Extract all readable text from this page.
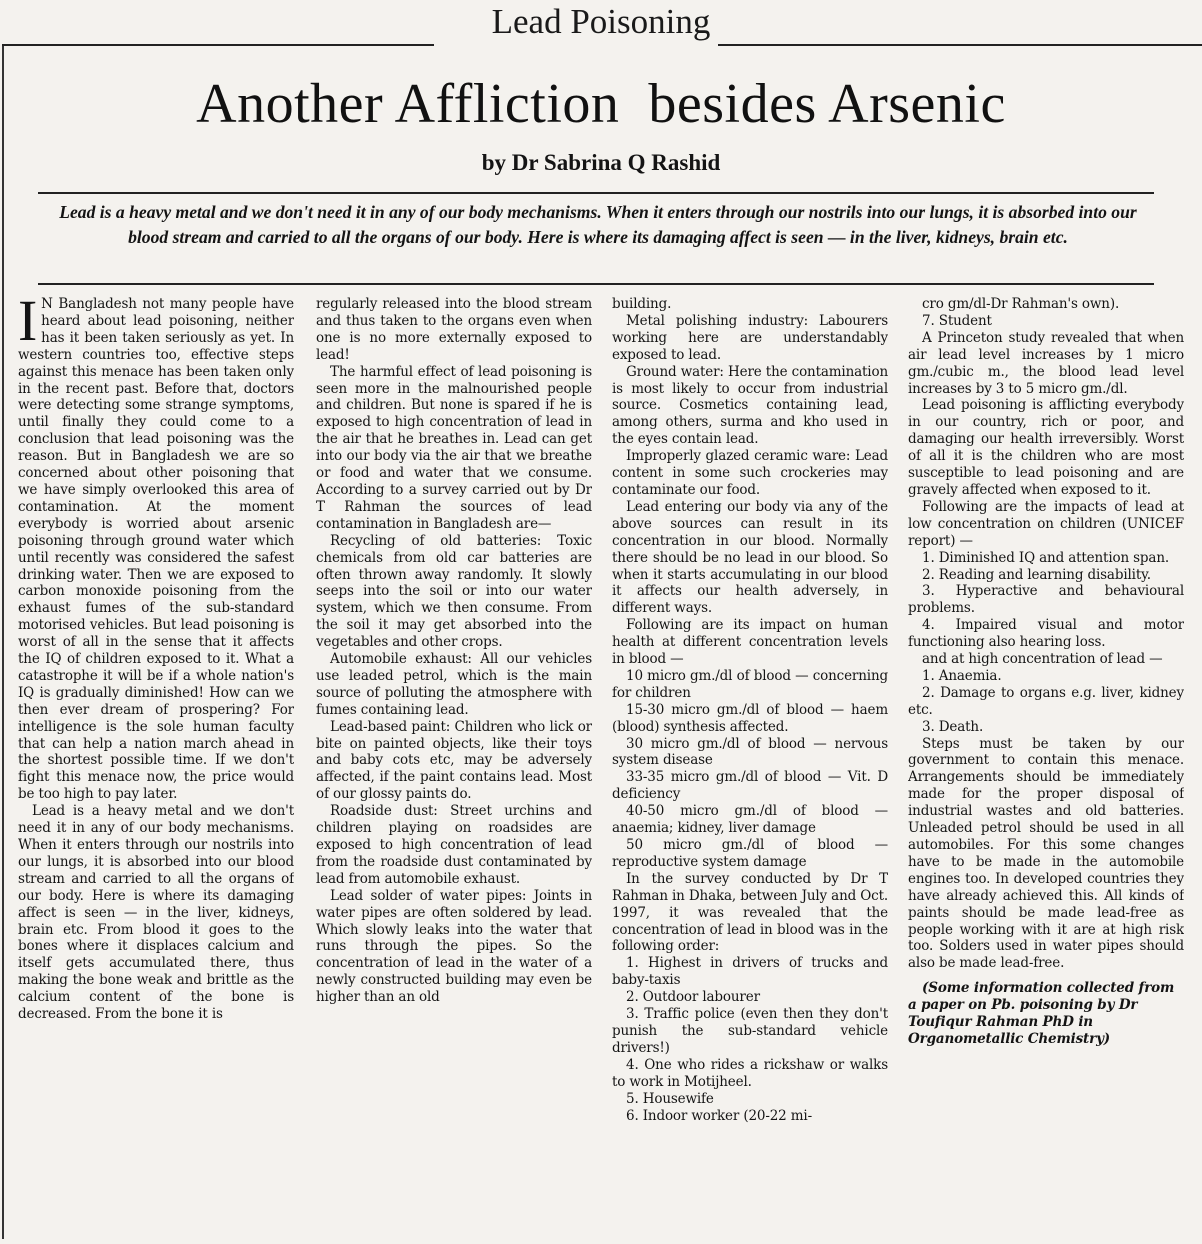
Lead Poisoning
Another Affliction  besides Arsenic
by Dr Sabrina Q Rashid
Lead is a heavy metal and we don't need it in any of our body mechanisms. When it enters through our nostrils into our lungs, it is absorbed into our blood stream and carried to all the organs of our body. Here is where its damaging affect is seen — in the liver, kidneys, brain etc.

I N Bangladesh not many people have heard about lead poisoning, neither has it been taken seriously as yet. In western countries too, effective steps against this menace has been taken only in the recent past. Before that, doctors were detecting some strange symptoms, until finally they could come to a conclusion that lead poisoning was the reason. But in Bangladesh we are so concerned about other poisoning that we have simply overlooked this area of contamination. At the moment everybody is worried about arsenic poisoning through ground water which until recently was considered the safest drinking water. Then we are exposed to carbon monoxide poisoning from the exhaust fumes of the sub-standard motorised vehicles. But lead poisoning is worst of all in the sense that it affects the IQ of children exposed to it. What a catastrophe it will be if a whole nation's IQ is gradually diminished! How can we then ever dream of prospering? For intelligence is the sole human faculty that can help a nation march ahead in the shortest possible time. If we don't fight this menace now, the price would be too high to pay later.

Lead is a heavy metal and we don't need it in any of our body mechanisms. When it enters through our nostrils into our lungs, it is absorbed into our blood stream and carried to all the organs of our body. Here is where its damaging affect is seen — in the liver, kidneys, brain etc. From blood it goes to the bones where it displaces calcium and itself gets accumulated there, thus making the bone weak and brittle as the calcium content of the bone is decreased. From the bone it is

regularly released into the blood stream and thus taken to the organs even when one is no more externally exposed to lead!

The harmful effect of lead poisoning is seen more in the malnourished people and children. But none is spared if he is exposed to high concentration of lead in the air that he breathes in. Lead can get into our body via the air that we breathe or food and water that we consume. According to a survey carried out by Dr T Rahman the sources of lead contamination in Bangladesh are—

Recycling of old batteries: Toxic chemicals from old car batteries are often thrown away randomly. It slowly seeps into the soil or into our water system, which we then consume. From the soil it may get absorbed into the vegetables and other crops.

Automobile exhaust: All our vehicles use leaded petrol, which is the main source of polluting the atmosphere with fumes containing lead.

Lead-based paint: Children who lick or bite on painted objects, like their toys and baby cots etc, may be adversely affected, if the paint contains lead. Most of our glossy paints do.

Roadside dust: Street urchins and children playing on roadsides are exposed to high concentration of lead from the roadside dust contaminated by lead from automobile exhaust.

Lead solder of water pipes: Joints in water pipes are often soldered by lead. Which slowly leaks into the water that runs through the pipes. So the concentration of lead in the water of a newly constructed building may even be higher than an old

building.

Metal polishing industry: Labourers working here are understandably exposed to lead.

Ground water: Here the contamination is most likely to occur from industrial source. Cosmetics containing lead, among others, surma and kho used in the eyes contain lead.

Improperly glazed ceramic ware: Lead content in some such crockeries may contaminate our food.

Lead entering our body via any of the above sources can result in its concentration in our blood. Normally there should be no lead in our blood. So when it starts accumulating in our blood it affects our health adversely, in different ways.

Following are its impact on human health at different concentration levels in blood —

10 micro gm./dl of blood — concerning for children

15-30 micro gm./dl of blood — haem (blood) synthesis affected.

30 micro gm./dl of blood — nervous system disease

33-35 micro gm./dl of blood — Vit. D deficiency

40-50 micro gm./dl of blood —anaemia; kidney, liver damage

50 micro gm./dl of blood — reproductive system damage

In the survey conducted by Dr T Rahman in Dhaka, between July and Oct. 1997, it was revealed that the concentration of lead in blood was in the following order:

1. Highest in drivers of trucks and baby-taxis

2. Outdoor labourer

3. Traffic police (even then they don't punish the sub-standard vehicle drivers!)

4. One who rides a rickshaw or walks to work in Motijheel.

5. Housewife

6. Indoor worker (20-22 mi-

cro gm/dl-Dr Rahman's own).

7. Student

A Princeton study revealed that when air lead level increases by 1 micro gm./cubic m., the blood lead level increases by 3 to 5 micro gm./dl.

Lead poisoning is afflicting everybody in our country, rich or poor, and damaging our health irreversibly. Worst of all it is the children who are most susceptible to lead poisoning and are gravely affected when exposed to it.

Following are the impacts of lead at low concentration on children (UNICEF report) —

1. Diminished IQ and attention span.

2. Reading and learning disability.

3. Hyperactive and behavioural problems.

4. Impaired visual and motor functioning also hearing loss.

and at high concentration of lead —

1. Anaemia.

2. Damage to organs e.g. liver, kidney etc.

3. Death.

Steps must be taken by our government to contain this menace. Arrangements should be immediately made for the proper disposal of industrial wastes and old batteries. Unleaded petrol should be used in all automobiles. For this some changes have to be made in the automobile engines too. In developed countries they have already achieved this. All kinds of paints should be made lead-free as people working with it are at high risk too. Solders used in water pipes should also be made lead-free.

(Some information collected from a paper on Pb. poisoning by Dr Toufiqur Rahman PhD in Organometallic Chemistry)
